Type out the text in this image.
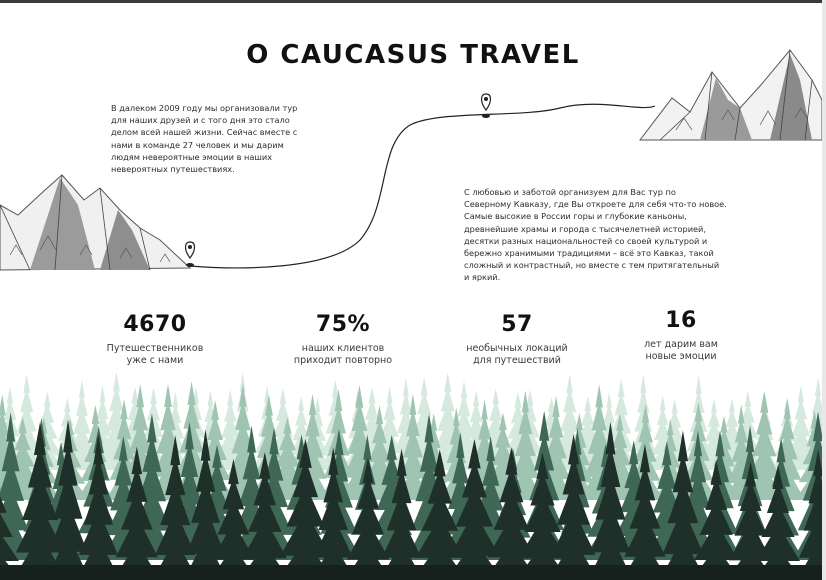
О CAUCASUS TRAVEL
В далеком 2009 году мы организовали тур
для наших друзей и с того дня это стало
делом всей нашей жизни. Сейчас вместе с
нами в команде 27 человек и мы дарим
людям невероятные эмоции в наших
невероятных путешествиях.
С любовью и заботой организуем для Вас тур по
Северному Кавказу, где Вы откроете для себя что-то новое.
Самые высокие в России горы и глубокие каньоны,
древнейшие храмы и города с тысячелетней историей,
десятки разных национальностей со своей культурой и
бережно хранимыми традициями – всё это Кавказ, такой
сложный и контрастный, но вместе с тем притягательный
и яркий.
4670
Путешественников
уже с нами
75%
наших клиентов
приходит повторно
57
необычных локаций
для путешествий
16
лет дарим вам
новые эмоции
